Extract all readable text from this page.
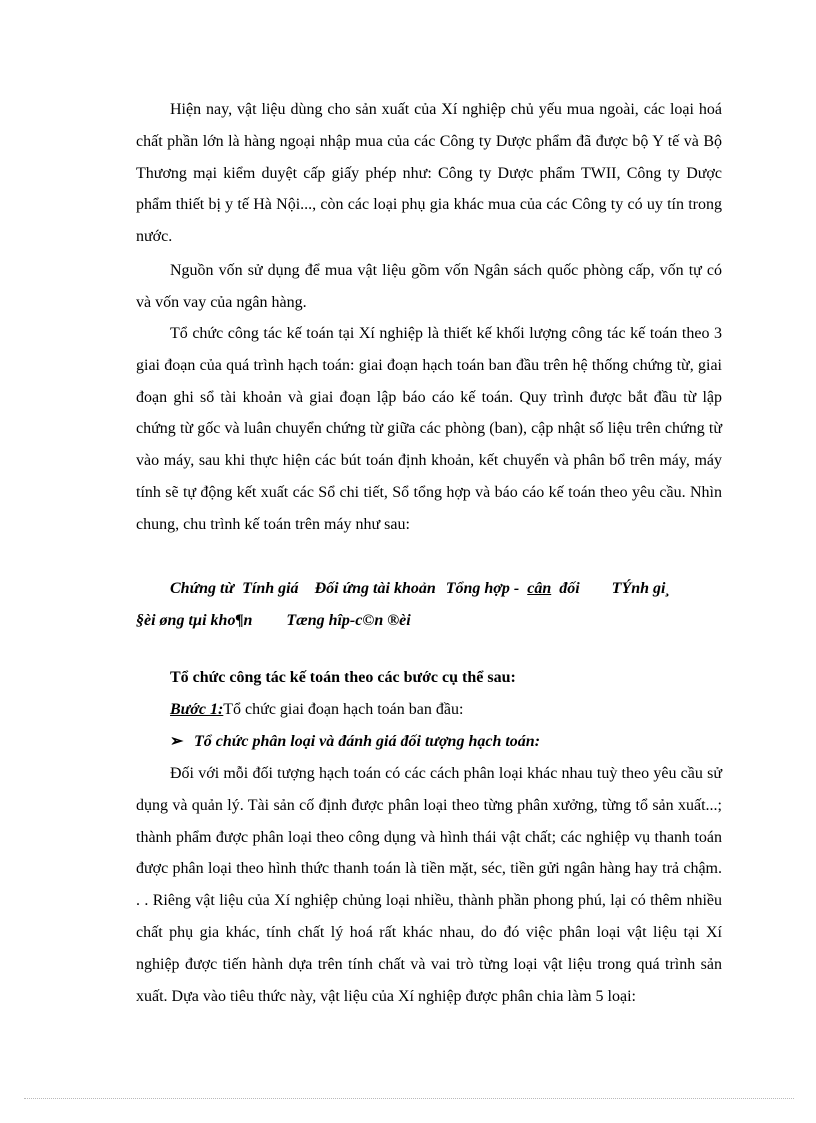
Hiện nay, vật liệu dùng cho sản xuất của Xí nghiệp chủ yếu mua ngoài, các loại hoá chất phần lớn là hàng ngoại nhập mua của các Công ty Dược phẩm đã được bộ Y tế và Bộ Thương mại kiểm duyệt cấp giấy phép như: Công ty Dược phẩm TWII, Công ty Dược phẩm thiết bị y tế Hà Nội..., còn các loại phụ gia khác mua của các Công ty có uy tín trong nước.

Nguồn vốn sử dụng để mua vật liệu gồm vốn Ngân sách quốc phòng cấp, vốn tự có và vốn vay của ngân hàng.

Tổ chức công tác kế toán tại Xí nghiệp là thiết kế khối lượng công tác kế toán theo 3 giai đoạn của quá trình hạch toán: giai đoạn hạch toán ban đầu trên hệ thống chứng từ, giai đoạn ghi sổ tài khoản và giai đoạn lập báo cáo kế toán. Quy trình được bắt đầu từ lập chứng từ gốc và luân chuyển chứng từ giữa các phòng (ban), cập nhật số liệu trên chứng từ vào máy, sau khi thực hiện các bút toán định khoản, kết chuyển và phân bổ trên máy, máy tính sẽ tự động kết xuất các Sổ chi tiết, Sổ tổng hợp và báo cáo kế toán theo yêu cầu. Nhìn chung, chu trình kế toán trên máy như sau:

Chứng từ Tính giá Đối ứng tài khoản Tổng hợp - cân đối TÝnh gi¸
§èi øng tµi kho¶n Tæng hîp-c©n ®èi

Tổ chức công tác kế toán theo các bước cụ thể sau:

Bước 1:Tổ chức giai đoạn hạch toán ban đầu:

➢ Tổ chức phân loại và đánh giá đối tượng hạch toán:

Đối với mỗi đối tượng hạch toán có các cách phân loại khác nhau tuỳ theo yêu cầu sử dụng và quản lý. Tài sản cố định được phân loại theo từng phân xưởng, từng tổ sản xuất...; thành phẩm được phân loại theo công dụng và hình thái vật chất; các nghiệp vụ thanh toán được phân loại theo hình thức thanh toán là tiền mặt, séc, tiền gửi ngân hàng hay trả chậm. . . Riêng vật liệu của Xí nghiệp chủng loại nhiều, thành phần phong phú, lại có thêm nhiều chất phụ gia khác, tính chất lý hoá rất khác nhau, do đó việc phân loại vật liệu tại Xí nghiệp được tiến hành dựa trên tính chất và vai trò từng loại vật liệu trong quá trình sản xuất. Dựa vào tiêu thức này, vật liệu của Xí nghiệp được phân chia làm 5 loại:
